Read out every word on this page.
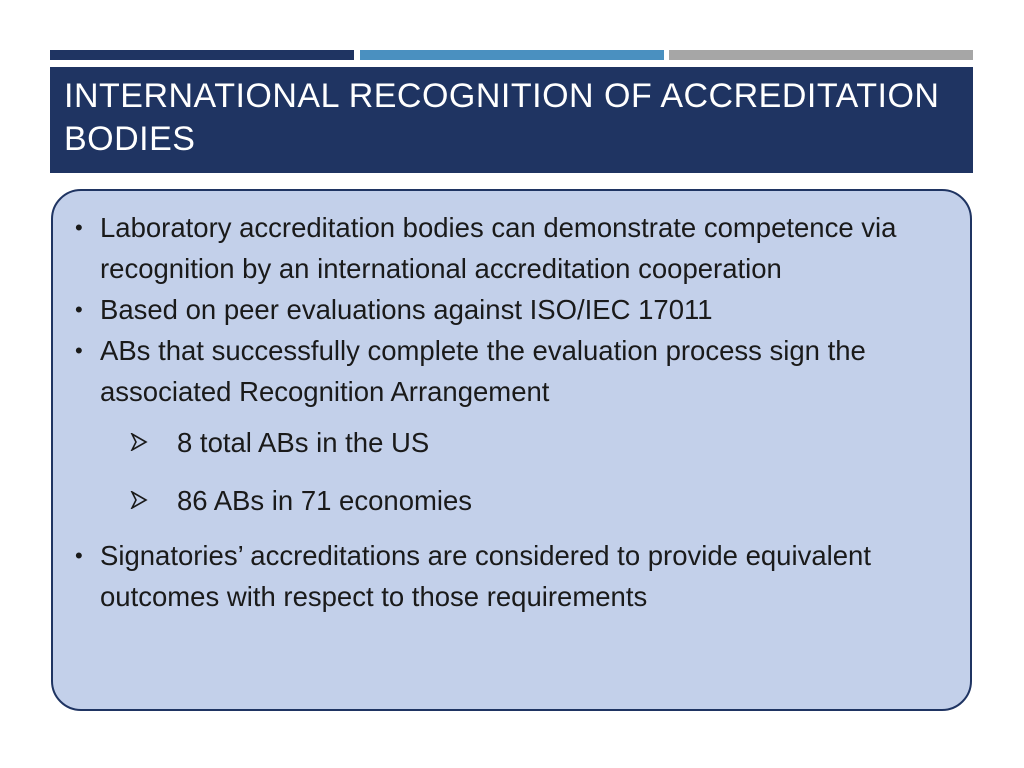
INTERNATIONAL RECOGNITION OF ACCREDITATION BODIES
• Laboratory accreditation bodies can demonstrate competence via recognition by an international accreditation cooperation
• Based on peer evaluations against ISO/IEC 17011
• ABs that successfully complete the evaluation process sign the associated Recognition Arrangement
8 total ABs in the US
86 ABs in 71 economies
• Signatories’ accreditations are considered to provide equivalent outcomes with respect to those requirements
